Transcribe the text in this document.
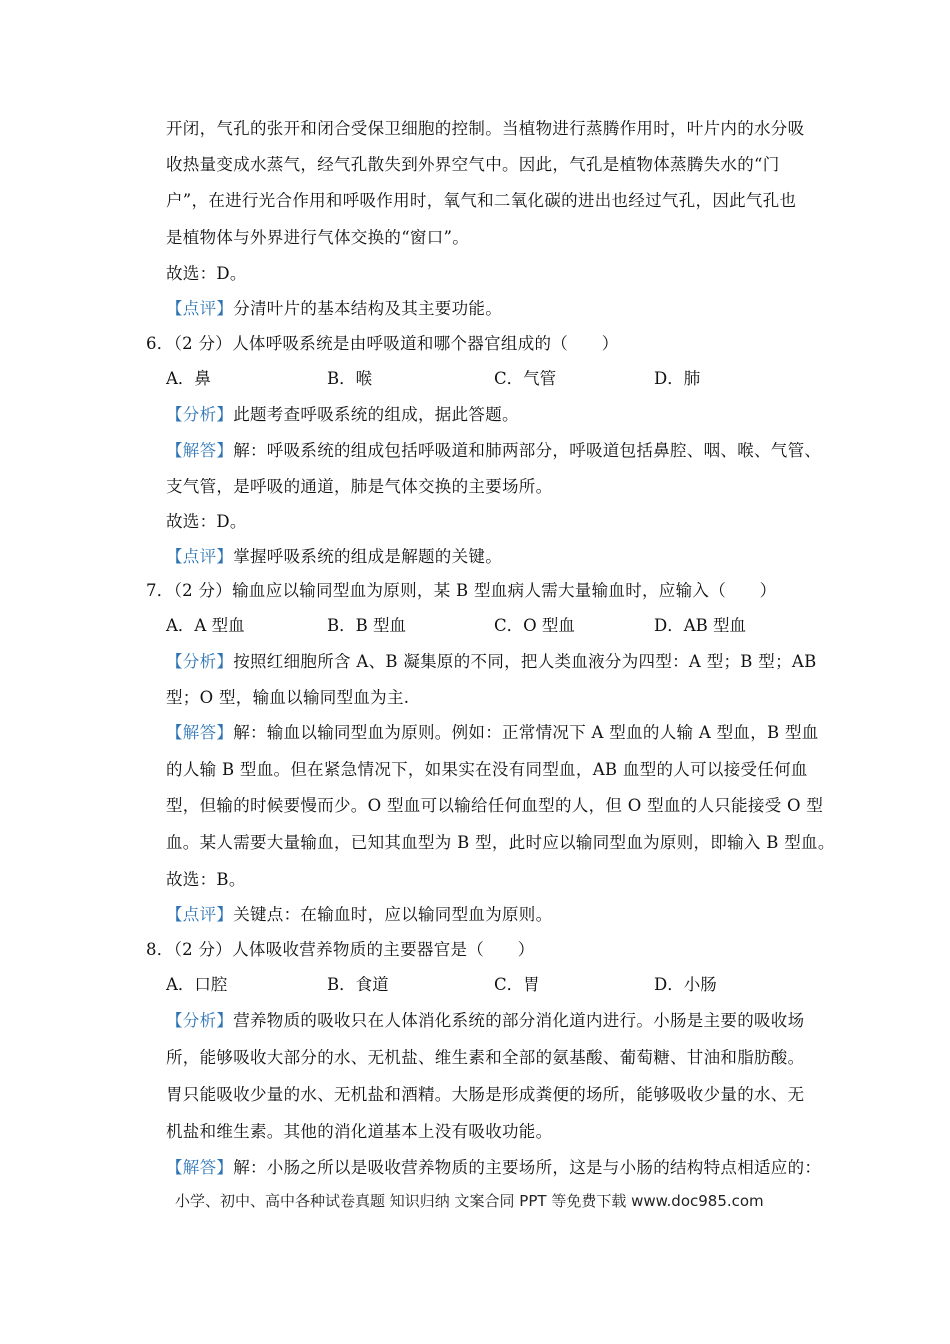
开闭，气孔的张开和闭合受保卫细胞的控制。当植物进行蒸腾作用时，叶片内的水分吸
收热量变成水蒸气，经气孔散失到外界空气中。因此，气孔是植物体蒸腾失水的“门
户”，在进行光合作用和呼吸作用时，氧气和二氧化碳的进出也经过气孔，因此气孔也
是植物体与外界进行气体交换的“窗口”。
故选：D。
【点评】分清叶片的基本结构及其主要功能。
6．（2 分）人体呼吸系统是由呼吸道和哪个器官组成的（　　）
A．鼻	B．喉	C．气管	D．肺
【分析】此题考查呼吸系统的组成，据此答题。
【解答】解：呼吸系统的组成包括呼吸道和肺两部分，呼吸道包括鼻腔、咽、喉、气管、
支气管，是呼吸的通道，肺是气体交换的主要场所。
故选：D。
【点评】掌握呼吸系统的组成是解题的关键。
7．（2 分）输血应以输同型血为原则，某 B 型血病人需大量输血时，应输入（　　）
A．A 型血	B．B 型血	C．O 型血	D．AB 型血
【分析】按照红细胞所含 A、B 凝集原的不同，把人类血液分为四型：A 型；B 型；AB
型；O 型，输血以输同型血为主.
【解答】解：输血以输同型血为原则。例如：正常情况下 A 型血的人输 A 型血，B 型血
的人输 B 型血。但在紧急情况下，如果实在没有同型血，AB 血型的人可以接受任何血
型，但输的时候要慢而少。O 型血可以输给任何血型的人，但 O 型血的人只能接受 O 型
血。某人需要大量输血，已知其血型为 B 型，此时应以输同型血为原则，即输入 B 型血。
故选：B。
【点评】关键点：在输血时，应以输同型血为原则。
8．（2 分）人体吸收营养物质的主要器官是（　　）
A．口腔	B．食道	C．胃	D．小肠
【分析】营养物质的吸收只在人体消化系统的部分消化道内进行。小肠是主要的吸收场
所，能够吸收大部分的水、无机盐、维生素和全部的氨基酸、葡萄糖、甘油和脂肪酸。
胃只能吸收少量的水、无机盐和酒精。大肠是形成粪便的场所，能够吸收少量的水、无
机盐和维生素。其他的消化道基本上没有吸收功能。
【解答】解：小肠之所以是吸收营养物质的主要场所，这是与小肠的结构特点相适应的：
小学、初中、高中各种试卷真题 知识归纳 文案合同 PPT 等免费下载 www.doc985.com
